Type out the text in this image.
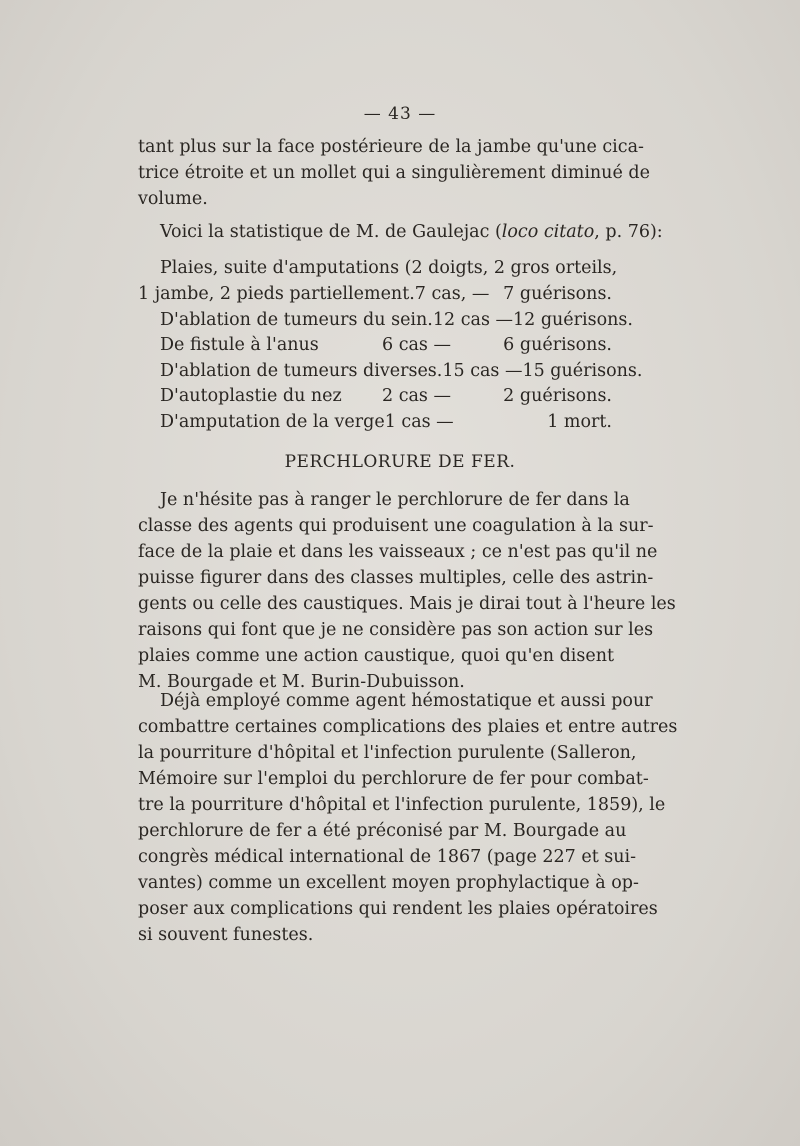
— 43 —
tant plus sur la face postérieure de la jambe qu'une cica-
trice étroite et un mollet qui a singulièrement diminué de
volume.
Voici la statistique de M. de Gaulejac (loco citato, p. 76):
Plaies, suite d'amputations (2 doigts, 2 gros orteils,
1 jambe, 2 pieds partiellement. 7 cas, — 7 guérisons.
D'ablation de tumeurs du sein. 12 cas — 12 guérisons.
De fistule à l'anus	6 cas —	6 guérisons.
D'ablation de tumeurs diverses. 15 cas — 15 guérisons.
D'autoplastie du nez	2 cas —	2 guérisons.
D'amputation de la verge 1 cas —	1 mort.
PERCHLORURE DE FER.
Je n'hésite pas à ranger le perchlorure de fer dans la
classe des agents qui produisent une coagulation à la sur-
face de la plaie et dans les vaisseaux ; ce n'est pas qu'il ne
puisse figurer dans des classes multiples, celle des astrin-
gents ou celle des caustiques. Mais je dirai tout à l'heure les
raisons qui font que je ne considère pas son action sur les
plaies comme une action caustique, quoi qu'en disent
M. Bourgade et M. Burin-Dubuisson.
Déjà employé comme agent hémostatique et aussi pour
combattre certaines complications des plaies et entre autres
la pourriture d'hôpital et l'infection purulente (Salleron,
Mémoire sur l'emploi du perchlorure de fer pour combat-
tre la pourriture d'hôpital et l'infection purulente, 1859), le
perchlorure de fer a été préconisé par M. Bourgade au
congrès médical international de 1867 (page 227 et sui-
vantes) comme un excellent moyen prophylactique à op-
poser aux complications qui rendent les plaies opératoires
si souvent funestes.
